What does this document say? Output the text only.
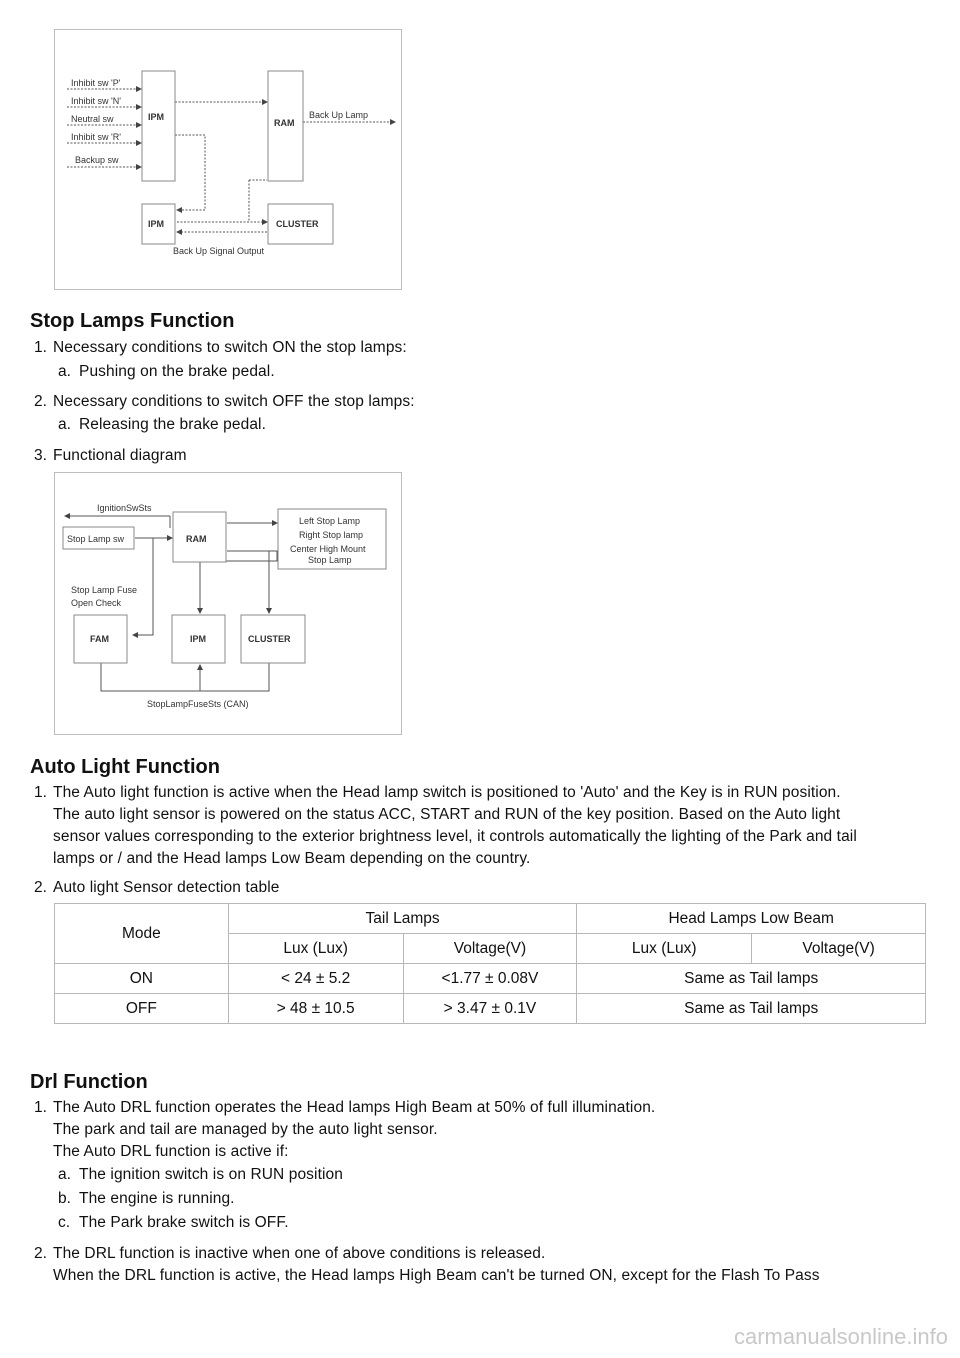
Inhibit sw 'P'
Inhibit sw 'N'
Neutral sw
Inhibit sw 'R'
Backup sw
IPM
RAM
Back Up Lamp
IPM	CLUSTER
Back Up Signal Output
Stop Lamps Function
1. Necessary conditions to switch ON the stop lamps:
a. Pushing on the brake pedal.
2. Necessary conditions to switch OFF the stop lamps:
a. Releasing the brake pedal.
3. Functional diagram
IgnitionSwSts
Stop Lamp sw	RAM
Left Stop Lamp
Right Stop lamp
Center High Mount
Stop Lamp
Stop Lamp Fuse
Open Check
FAM	IPM	CLUSTER
StopLampFuseSts (CAN)
Auto Light Function
1. The Auto light function is active when the Head lamp switch is positioned to 'Auto' and the Key is in RUN position.
The auto light sensor is powered on the status ACC, START and RUN of the key position. Based on the Auto light
sensor values corresponding to the exterior brightness level, it controls automatically the lighting of the Park and tail
lamps or / and the Head lamps Low Beam depending on the country.
2. Auto light Sensor detection table
Mode	Tail Lamps		Head Lamps Low Beam	
	Lux (Lux)	Voltage(V)	Lux (Lux)	Voltage(V)
ON	< 24 ± 5.2	<1.77 ± 0.08V	Same as Tail lamps	
OFF	> 48 ± 10.5	> 3.47 ± 0.1V	Same as Tail lamps	
Drl Function
1. The Auto DRL function operates the Head lamps High Beam at 50% of full illumination.
The park and tail are managed by the auto light sensor.
The Auto DRL function is active if:
a. The ignition switch is on RUN position
b. The engine is running.
c. The Park brake switch is OFF.
2. The DRL function is inactive when one of above conditions is released.
When the DRL function is active, the Head lamps High Beam can't be turned ON, except for the Flash To Pass
carmanualsonline.info
